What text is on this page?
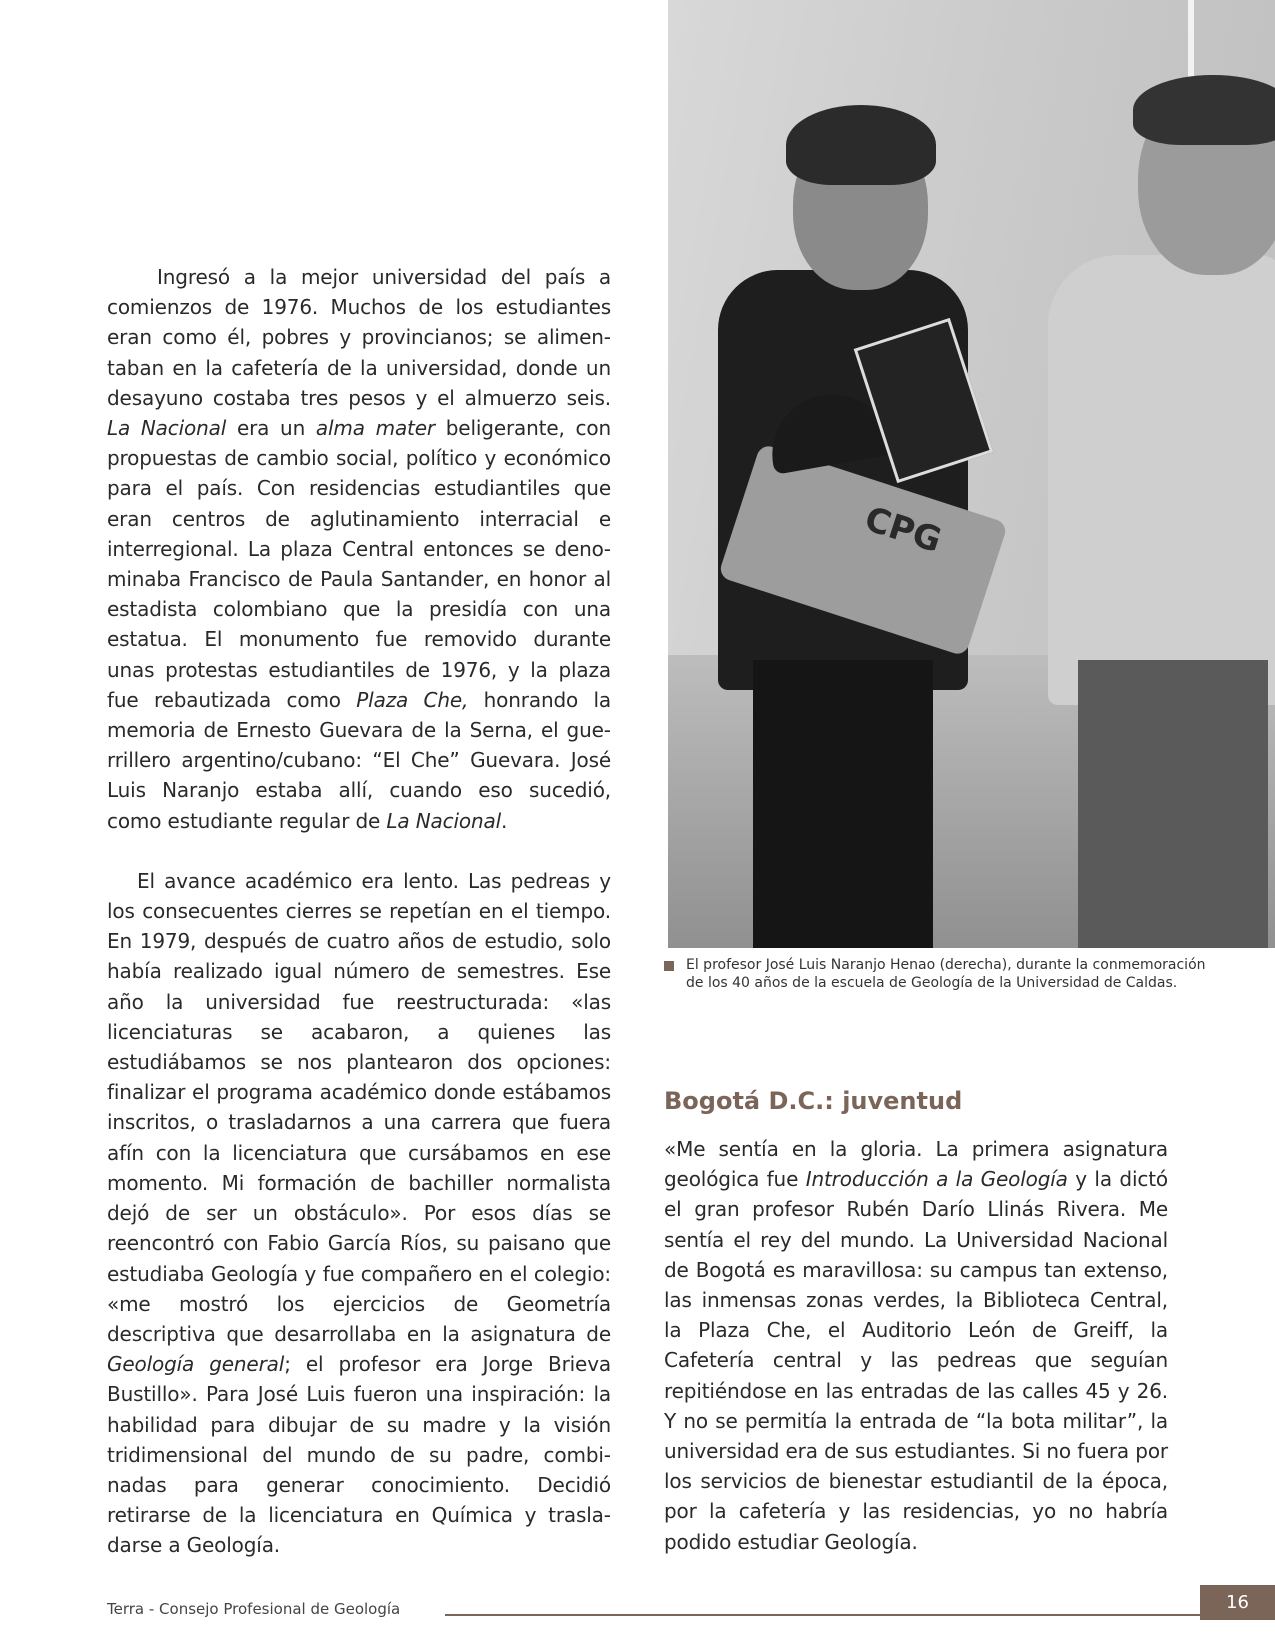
Ingresó a la mejor universidad del país a comienzos de 1976. Muchos de los estudiantes eran como él, pobres y provincianos; se alimentaban en la cafetería de la universidad, donde un desayuno costaba tres pesos y el almuerzo seis. La Nacional era un alma mater beligerante, con propuestas de cambio social, político y económico para el país. Con residencias estudiantiles que eran centros de aglutinamiento interracial e interregional. La plaza Central entonces se denominaba Francisco de Paula Santander, en honor al estadista colombiano que la presidía con una estatua. El monumento fue removido durante unas protestas estudiantiles de 1976, y la plaza fue rebautizada como Plaza Che, honrando la memoria de Ernesto Guevara de la Serna, el guerrillero argentino/cubano: “El Che” Guevara. José Luis Naranjo estaba allí, cuando eso sucedió, como estudiante regular de La Nacional.

El avance académico era lento. Las pedreas y los consecuentes cierres se repetían en el tiempo. En 1979, después de cuatro años de estudio, solo había realizado igual número de semestres. Ese año la universidad fue reestructurada: «las licenciaturas se acabaron, a quienes las estudiábamos se nos plantearon dos opciones: finalizar el programa académico donde estábamos inscritos, o trasladarnos a una carrera que fuera afín con la licenciatura que cursábamos en ese momento. Mi formación de bachiller normalista dejó de ser un obstáculo». Por esos días se reencontró con Fabio García Ríos, su paisano que estudiaba Geología y fue compañero en el colegio: «me mostró los ejercicios de Geometría descriptiva que desarrollaba en la asignatura de Geología general; el profesor era Jorge Brieva Bustillo». Para José Luis fueron una inspiración: la habilidad para dibujar de su madre y la visión tridimensional del mundo de su padre, combinadas para generar conocimiento. Decidió retirarse de la licenciatura en Química y trasladarse a Geología.

CPG
El profesor José Luis Naranjo Henao (derecha), durante la conmemoración
de los 40 años de la escuela de Geología de la Universidad de Caldas.
Bogotá D.C.: juventud

«Me sentía en la gloria. La primera asignatura geológica fue Introducción a la Geología y la dictó el gran profesor Rubén Darío Llinás Rivera. Me sentía el rey del mundo. La Universidad Nacional de Bogotá es maravillosa: su campus tan extenso, las inmensas zonas verdes, la Biblioteca Central, la Plaza Che, el Auditorio León de Greiff, la Cafetería central y las pedreas que seguían repitiéndose en las entradas de las calles 45 y 26. Y no se permitía la entrada de “la bota militar”, la universidad era de sus estudiantes. Si no fuera por los servicios de bienestar estudiantil de la época, por la cafetería y las residencias, yo no habría podido estudiar Geología.

Terra - Consejo Profesional de Geología	16
